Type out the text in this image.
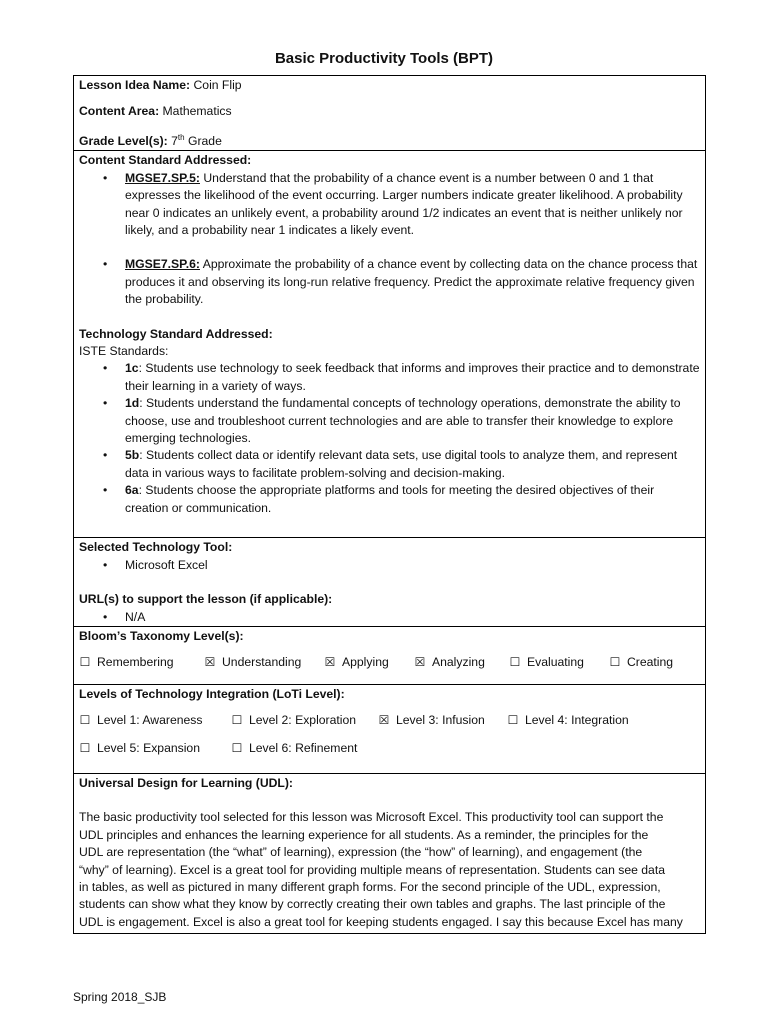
Basic Productivity Tools (BPT)

Lesson Idea Name: Coin Flip

Content Area: Mathematics

Grade Level(s): 7th Grade

Content Standard Addressed:

• MGSE7.SP.5: Understand that the probability of a chance event is a number between 0 and 1 that expresses the likelihood of the event occurring. Larger numbers indicate greater likelihood. A probability near 0 indicates an unlikely event, a probability around 1/2 indicates an event that is neither unlikely nor likely, and a probability near 1 indicates a likely event.
• MGSE7.SP.6: Approximate the probability of a chance event by collecting data on the chance process that produces it and observing its long-run relative frequency. Predict the approximate relative frequency given the probability.

Technology Standard Addressed:

ISTE Standards:

• 1c: Students use technology to seek feedback that informs and improves their practice and to demonstrate their learning in a variety of ways.
• 1d: Students understand the fundamental concepts of technology operations, demonstrate the ability to choose, use and troubleshoot current technologies and are able to transfer their knowledge to explore emerging technologies.
• 5b: Students collect data or identify relevant data sets, use digital tools to analyze them, and represent data in various ways to facilitate problem-solving and decision-making.
• 6a: Students choose the appropriate platforms and tools for meeting the desired objectives of their creation or communication.

Selected Technology Tool:

• Microsoft Excel

URL(s) to support the lesson (if applicable):

• N/A

Bloom’s Taxonomy Level(s):

☐ Remembering	☒ Understanding ☒ Applying ☒ Analyzing ☐ Evaluating ☐ Creating

Levels of Technology Integration (LoTi Level):

☐ Level 1: Awareness ☐ Level 2: Exploration ☒ Level 3: Infusion ☐ Level 4: Integration
☐ Level 5: Expansion	☐ Level 6: Refinement

Universal Design for Learning (UDL):

The basic productivity tool selected for this lesson was Microsoft Excel. This productivity tool can support the
UDL principles and enhances the learning experience for all students. As a reminder, the principles for the
UDL are representation (the “what” of learning), expression (the “how” of learning), and engagement (the
“why” of learning). Excel is a great tool for providing multiple means of representation. Students can see data
in tables, as well as pictured in many different graph forms. For the second principle of the UDL, expression,
students can show what they know by correctly creating their own tables and graphs. The last principle of the
UDL is engagement. Excel is also a great tool for keeping students engaged. I say this because Excel has many
Spring 2018_SJB
